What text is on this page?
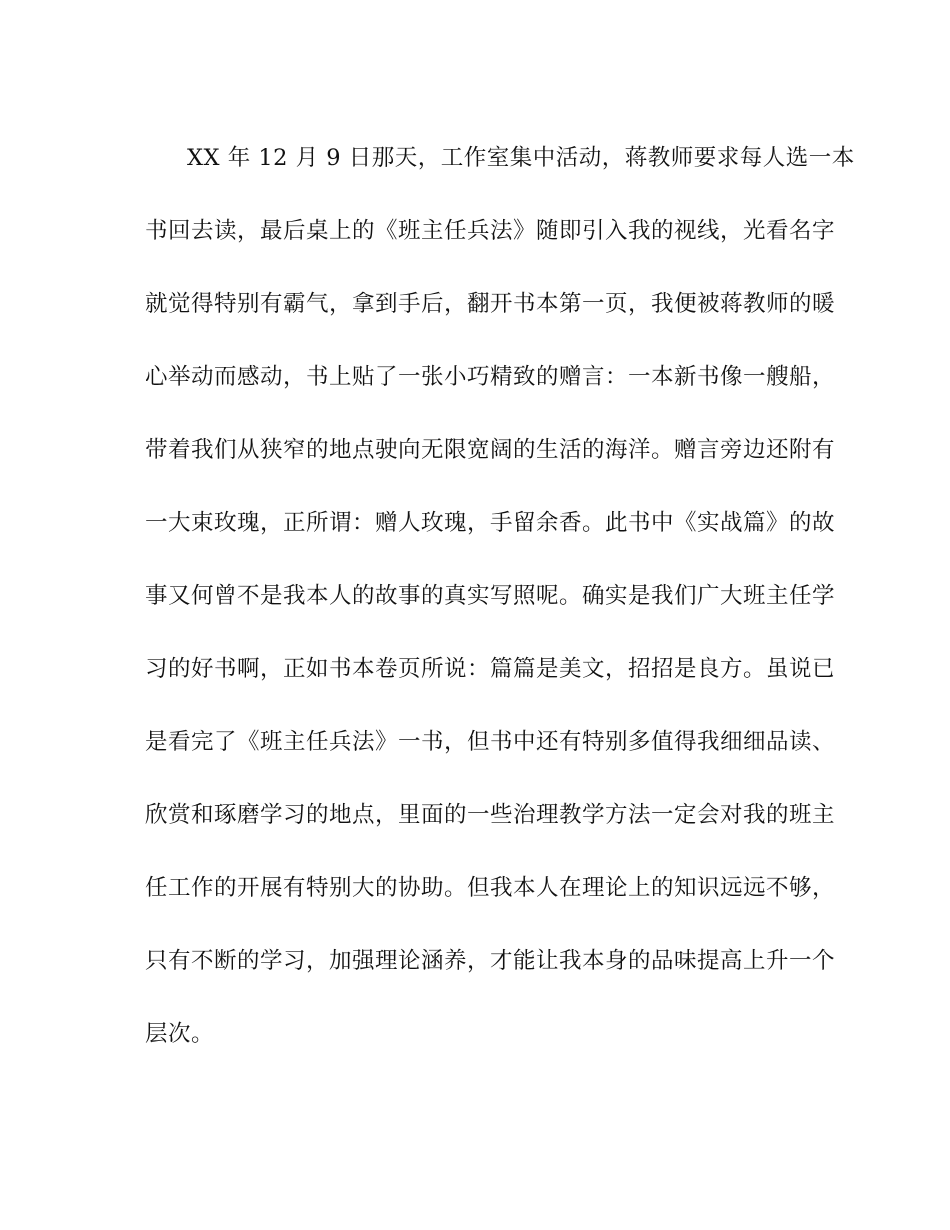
XX 年 12 月 9 日那天，工作室集中活动，蒋教师要求每人选一本
书回去读，最后桌上的《班主任兵法》随即引入我的视线，光看名字
就觉得特别有霸气，拿到手后，翻开书本第一页，我便被蒋教师的暖
心举动而感动，书上贴了一张小巧精致的赠言：一本新书像一艘船，
带着我们从狭窄的地点驶向无限宽阔的生活的海洋。赠言旁边还附有
一大束玫瑰，正所谓：赠人玫瑰，手留余香。此书中《实战篇》的故
事又何曾不是我本人的故事的真实写照呢。确实是我们广大班主任学
习的好书啊，正如书本卷页所说：篇篇是美文，招招是良方。虽说已
是看完了《班主任兵法》一书，但书中还有特别多值得我细细品读、
欣赏和琢磨学习的地点，里面的一些治理教学方法一定会对我的班主
任工作的开展有特别大的协助。但我本人在理论上的知识远远不够，
只有不断的学习，加强理论涵养，才能让我本身的品味提高上升一个
层次。
